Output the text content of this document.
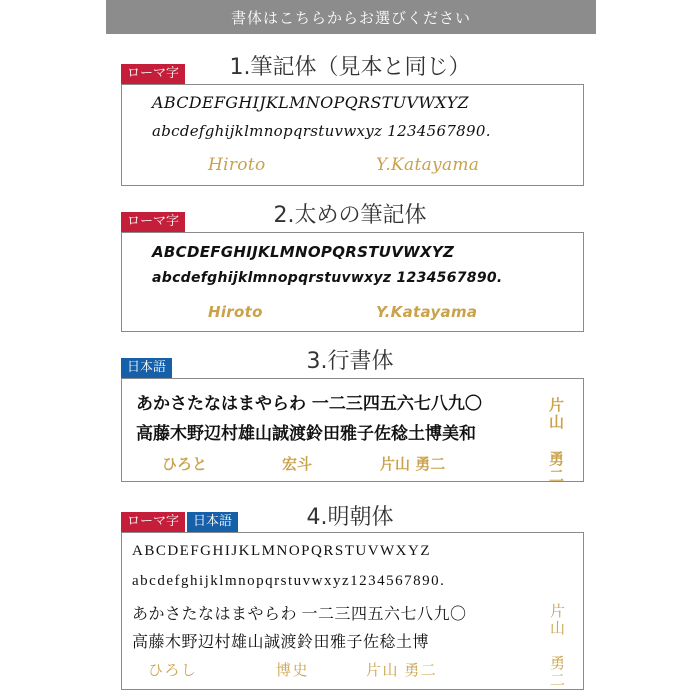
書体はこちらからお選びください
1.筆記体（見本と同じ）
ローマ字
ABCDEFGHIJKLMNOPQRSTUVWXYZ
abcdefghijklmnopqrstuvwxyz 1234567890.
Hiroto	Y.Katayama
2.太めの筆記体
ローマ字
ABCDEFGHIJKLMNOPQRSTUVWXYZ
abcdefghijklmnopqrstuvwxyz 1234567890.
Hiroto	Y.Katayama
3.行書体
日本語
あかさたなはまやらわ 一二三四五六七八九〇
高藤木野辺村雄山誠渡鈴田雅子佐稔土博美和
ひろと	宏斗	片山 勇二	片山 勇二
4.明朝体
ローマ字	日本語
ABCDEFGHIJKLMNOPQRSTUVWXYZ
abcdefghijklmnopqrstuvwxyz1234567890.
あかさたなはまやらわ 一二三四五六七八九〇
高藤木野辺村雄山誠渡鈴田雅子佐稔土博
ひろし	博史	片山 勇二	片山 勇二
